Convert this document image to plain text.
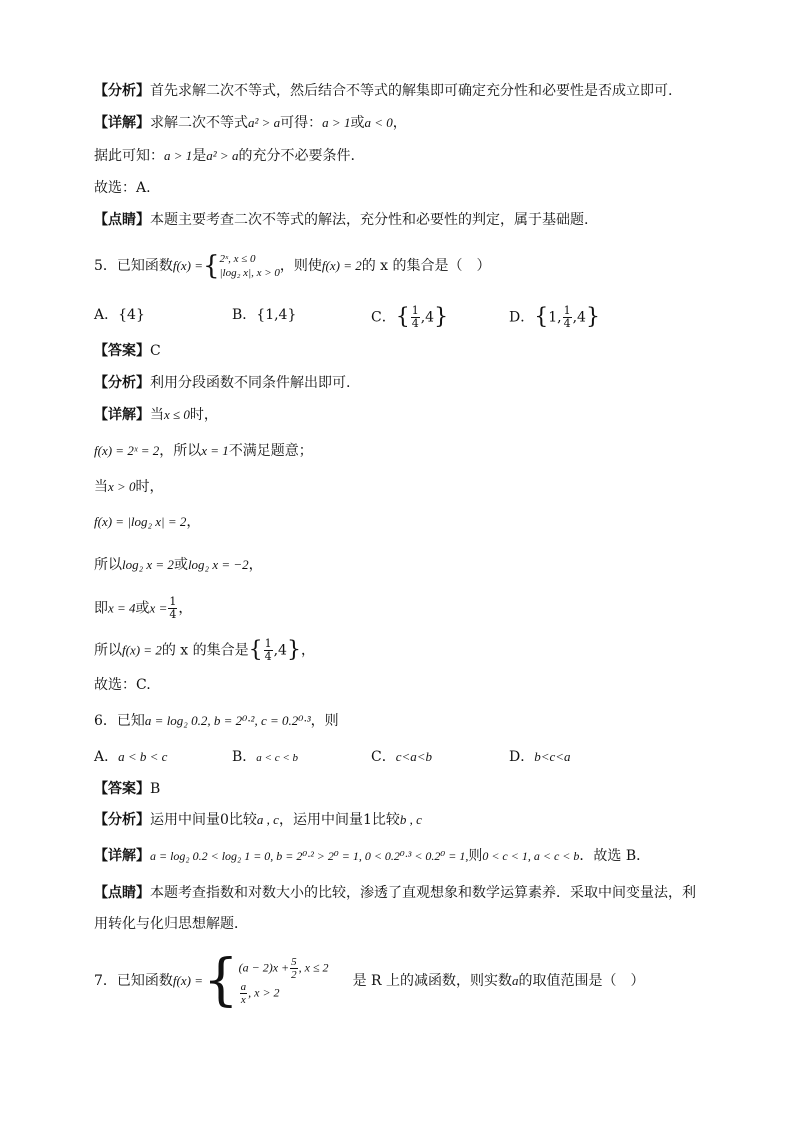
【分析】首先求解二次不等式，然后结合不等式的解集即可确定充分性和必要性是否成立即可.
【详解】求解二次不等式a² > a可得：a > 1或a < 0，
据此可知：a > 1是a² > a的充分不必要条件.
故选：A.
【点睛】本题主要考查二次不等式的解法，充分性和必要性的判定，属于基础题.
5．已知函数f(x) ={ 2ˣ, x ≤ 0
|log₂ x|, x > 0 ，则使f(x) = 2的 x 的集合是（　）
A．{4}	B．{1,4}	C．{ $\frac{1}{4} ,4$}	D．{1, $\frac{1}{4} ,4$}
【答案】C
【分析】利用分段函数不同条件解出即可.
【详解】当x ≤ 0时，
f(x) = 2ˣ = 2，所以x = 1不满足题意；
当x > 0时，
f(x) = |log₂ x| = 2，
所以log₂ x = 2或log₂ x = −2，
即x = 4或$x = \frac{1}{4}$ ，
所以f(x) = 2的 x 的集合是{ $\frac{1}{4} ,4$}，
故选：C.
6．已知a = log₂ 0.2, b = 2⁰·², c = 0.2⁰·³，则
A．a < b < c	B．a < c < b	C．c<a<b	D．b<c<a
【答案】B
【分析】运用中间量0比较a , c，运用中间量1比较b , c
【详解】a = log₂ 0.2 < log₂ 1 = 0, b = 2⁰·² > 2⁰ = 1, 0 < 0.2⁰·³ < 0.2⁰ = 1,则0 < c < 1, a < c < b．故选 B．
【点睛】本题考查指数和对数大小的比较，渗透了直观想象和数学运算素养．采取中间变量法，利
用转化与化归思想解题．
7．已知函数f(x) ={ $(a - 2)x + \frac{5}{2}$ , x ≤ 2
$\frac{a}{x}$ , x > 2
是 R 上的减函数，则实数a的取值范围是（　）
